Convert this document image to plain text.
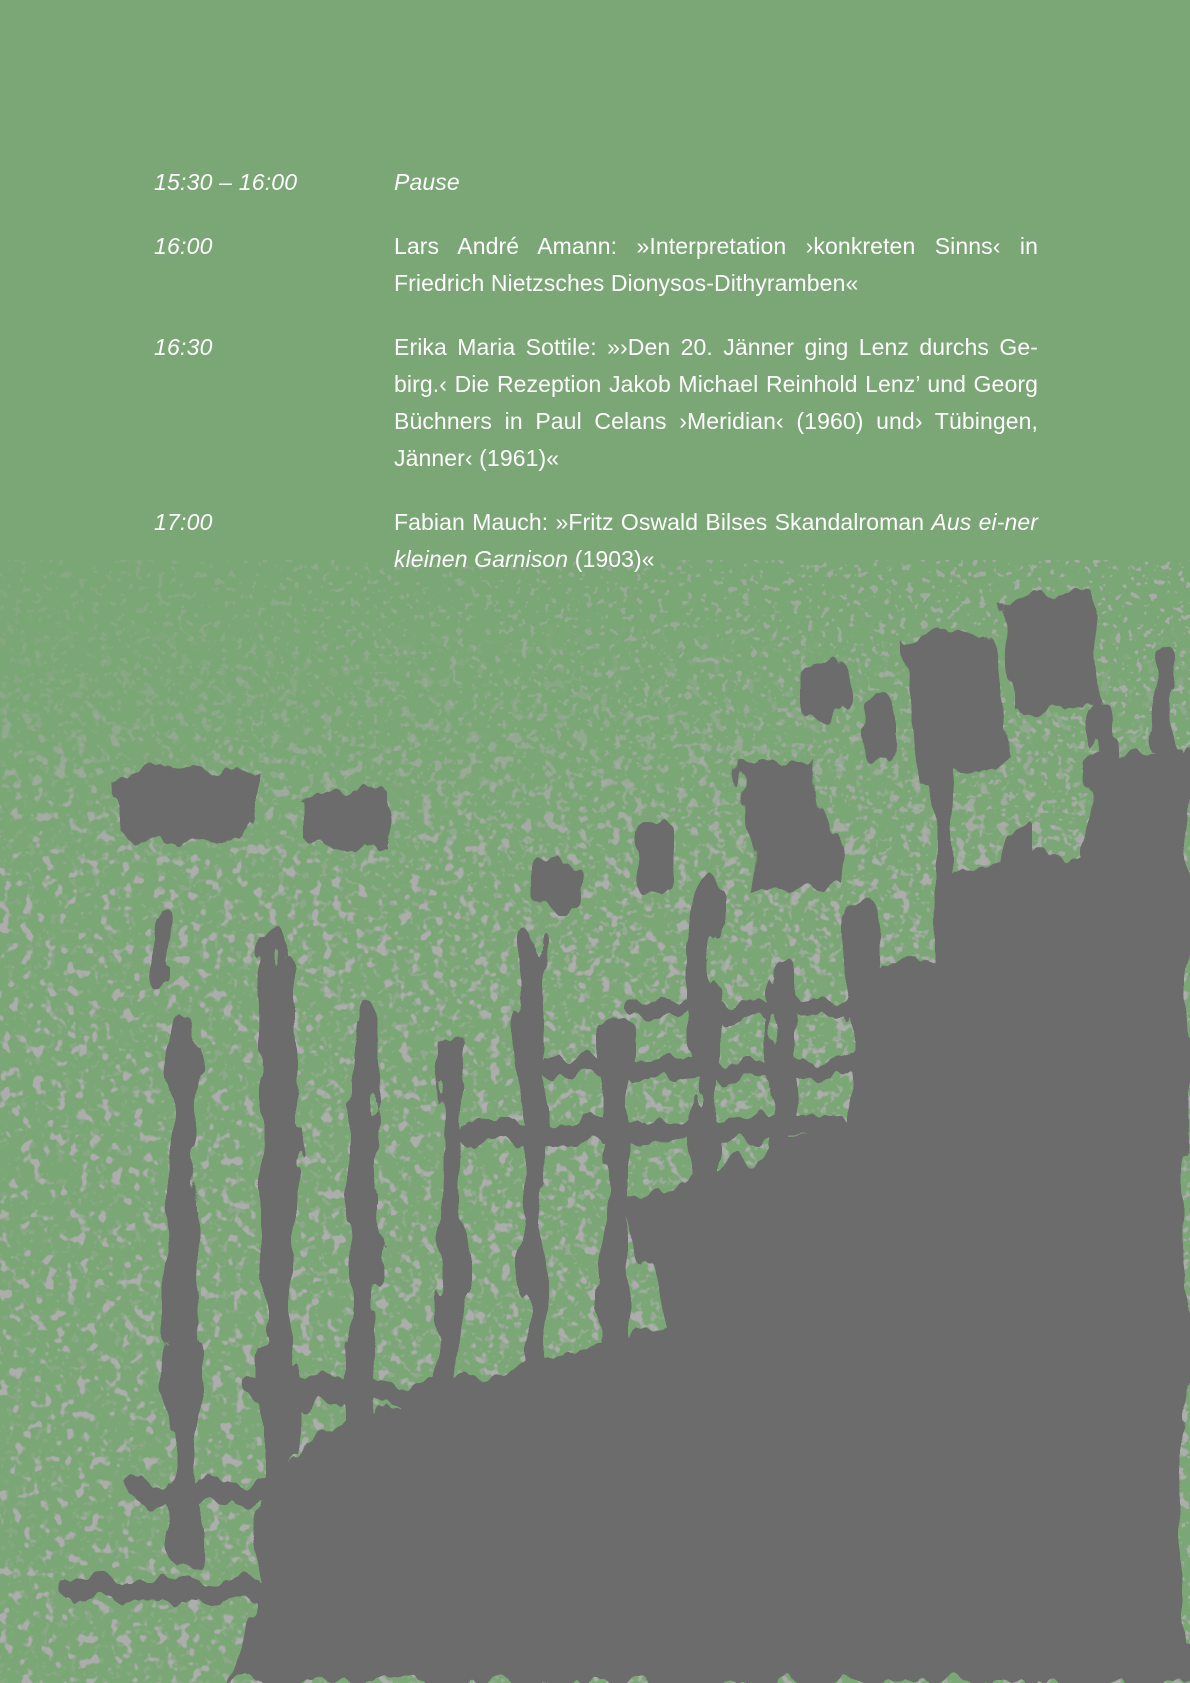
15:30 – 16:00	Pause
16:00	Lars André Amann: »Interpretation ›konkreten Sinns‹ in Friedrich Nietzsches Dionysos-Dithyramben«
16:30	Erika Maria Sottile: »›Den 20. Jänner ging Lenz durchs Ge-birg.‹ Die Rezeption Jakob Michael Reinhold Lenz’ und Georg Büchners in Paul Celans ›Meridian‹ (1960) und› Tübingen, Jänner‹ (1961)«
17:00	Fabian Mauch: »Fritz Oswald Bilses Skandalroman Aus ei-ner kleinen Garnison (1903)«
